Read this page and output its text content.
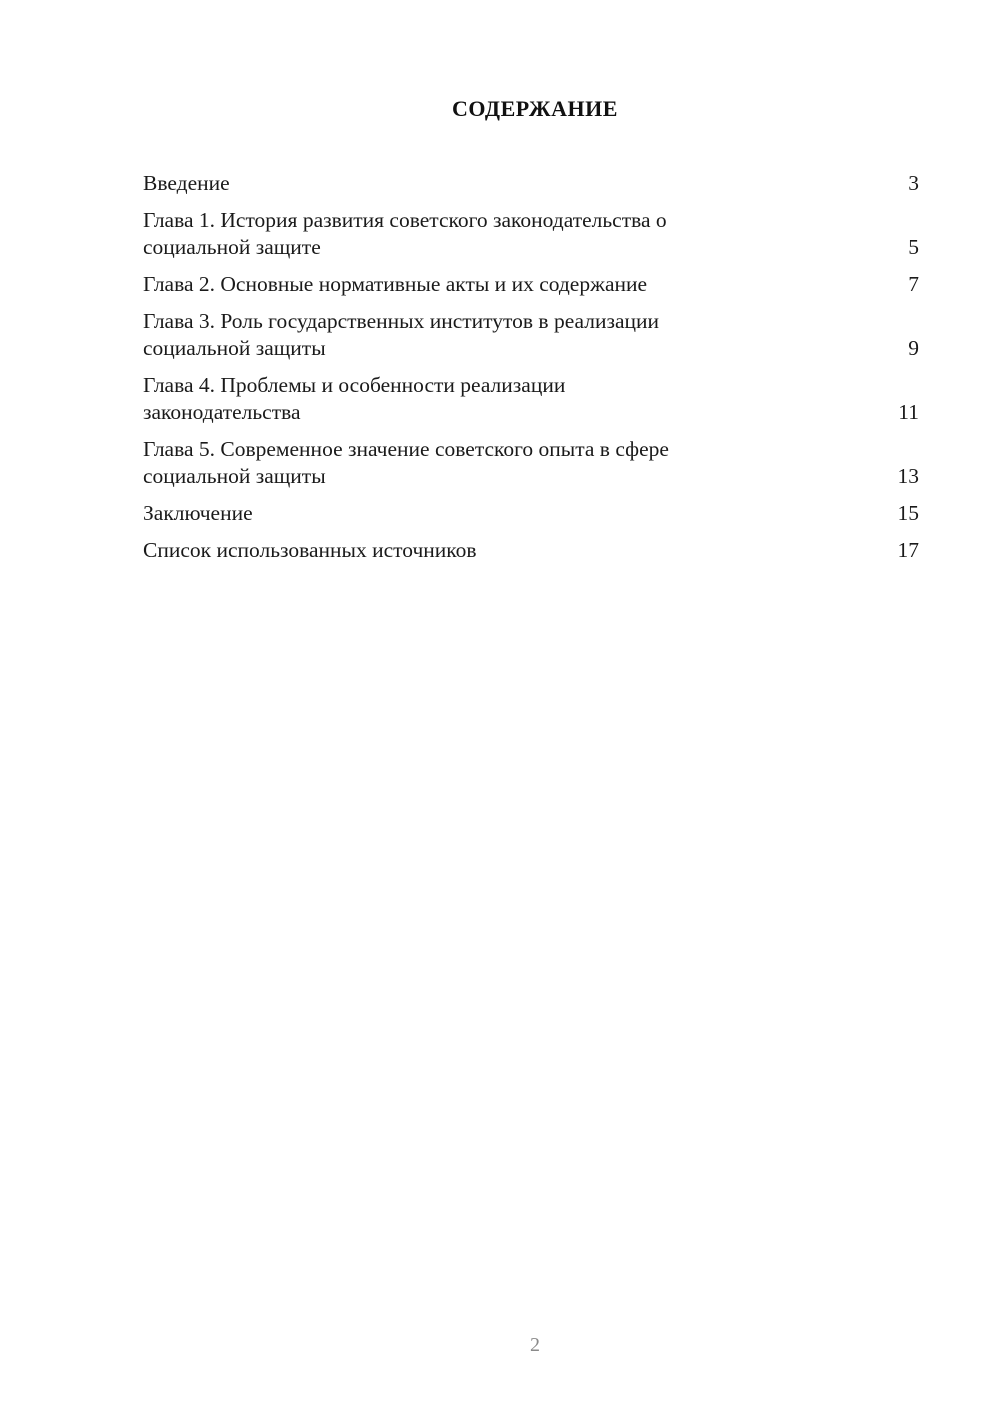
СОДЕРЖАНИЕ
Введение	3
Глава 1. История развития советского законодательства о
социальной защите	5
Глава 2. Основные нормативные акты и их содержание	7
Глава 3. Роль государственных институтов в реализации
социальной защиты	9
Глава 4. Проблемы и особенности реализации
законодательства	11
Глава 5. Современное значение советского опыта в сфере
социальной защиты	13
Заключение	15
Список использованных источников	17
2
